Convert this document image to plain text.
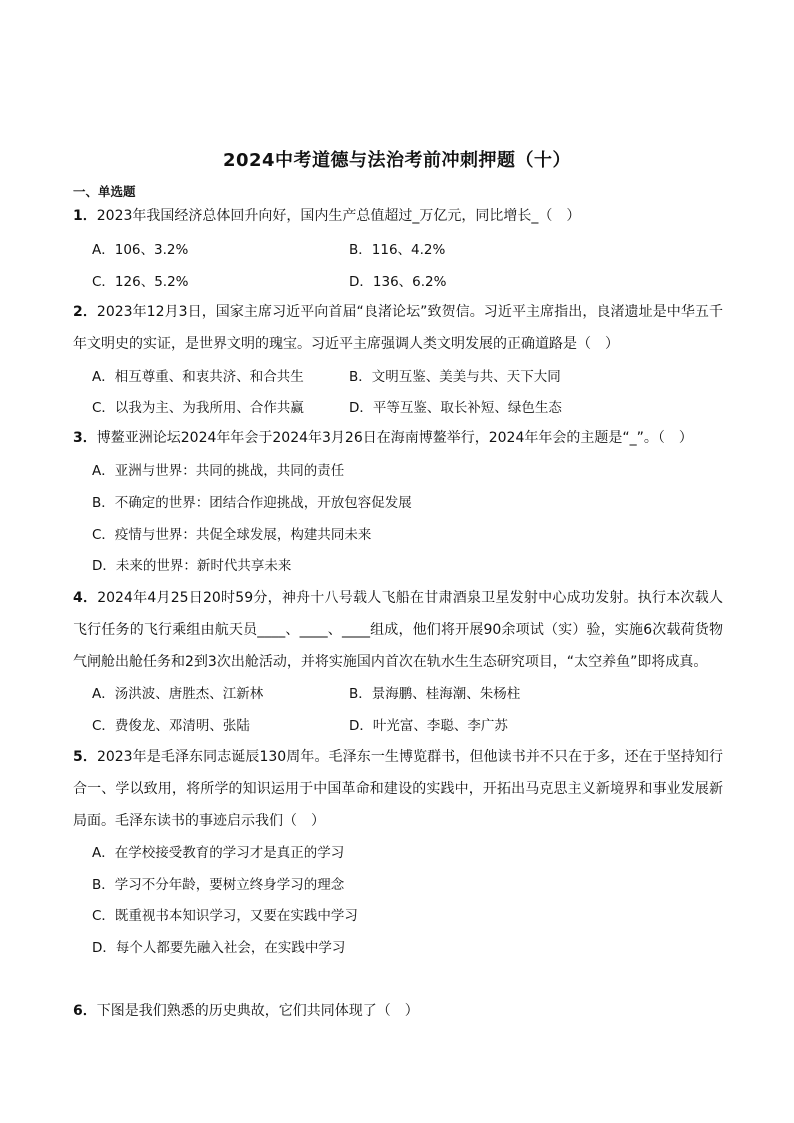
2024中考道德与法治考前冲刺押题（十）
一、单选题
1．2023年我国经济总体回升向好，国内生产总值超过_万亿元，同比增长_（　）
A．106、3.2%	B．116、4.2%
C．126、5.2%	D．136、6.2%
2．2023年12月3日，国家主席习近平向首届“良渚论坛”致贺信。习近平主席指出，良渚遗址是中华五千年文明史的实证，是世界文明的瑰宝。习近平主席强调人类文明发展的正确道路是（　）
A．相互尊重、和衷共济、和合共生	B．文明互鉴、美美与共、天下大同
C．以我为主、为我所用、合作共赢	D．平等互鉴、取长补短、绿色生态
3．博鳌亚洲论坛2024年年会于2024年3月26日在海南博鳌举行，2024年年会的主题是“_”。（　）
A．亚洲与世界：共同的挑战，共同的责任
B．不确定的世界：团结合作迎挑战，开放包容促发展
C．疫情与世界：共促全球发展，构建共同未来
D．未来的世界：新时代共享未来
4．2024年4月25日20时59分，神舟十八号载人飞船在甘肃酒泉卫星发射中心成功发射。执行本次载人飞行任务的飞行乘组由航天员____、____、____组成，他们将开展90余项试（实）验，实施6次载荷货物气闸舱出舱任务和2到3次出舱活动，并将实施国内首次在轨水生生态研究项目，“太空养鱼”即将成真。
A．汤洪波、唐胜杰、江新林	B．景海鹏、桂海潮、朱杨柱
C．费俊龙、邓清明、张陆	D．叶光富、李聪、李广苏
5．2023年是毛泽东同志诞辰130周年。毛泽东一生博览群书，但他读书并不只在于多，还在于坚持知行合一、学以致用，将所学的知识运用于中国革命和建设的实践中，开拓出马克思主义新境界和事业发展新局面。毛泽东读书的事迹启示我们（　）
A．在学校接受教育的学习才是真正的学习
B．学习不分年龄，要树立终身学习的理念
C．既重视书本知识学习，又要在实践中学习
D．每个人都要先融入社会，在实践中学习
6．下图是我们熟悉的历史典故，它们共同体现了（　）
